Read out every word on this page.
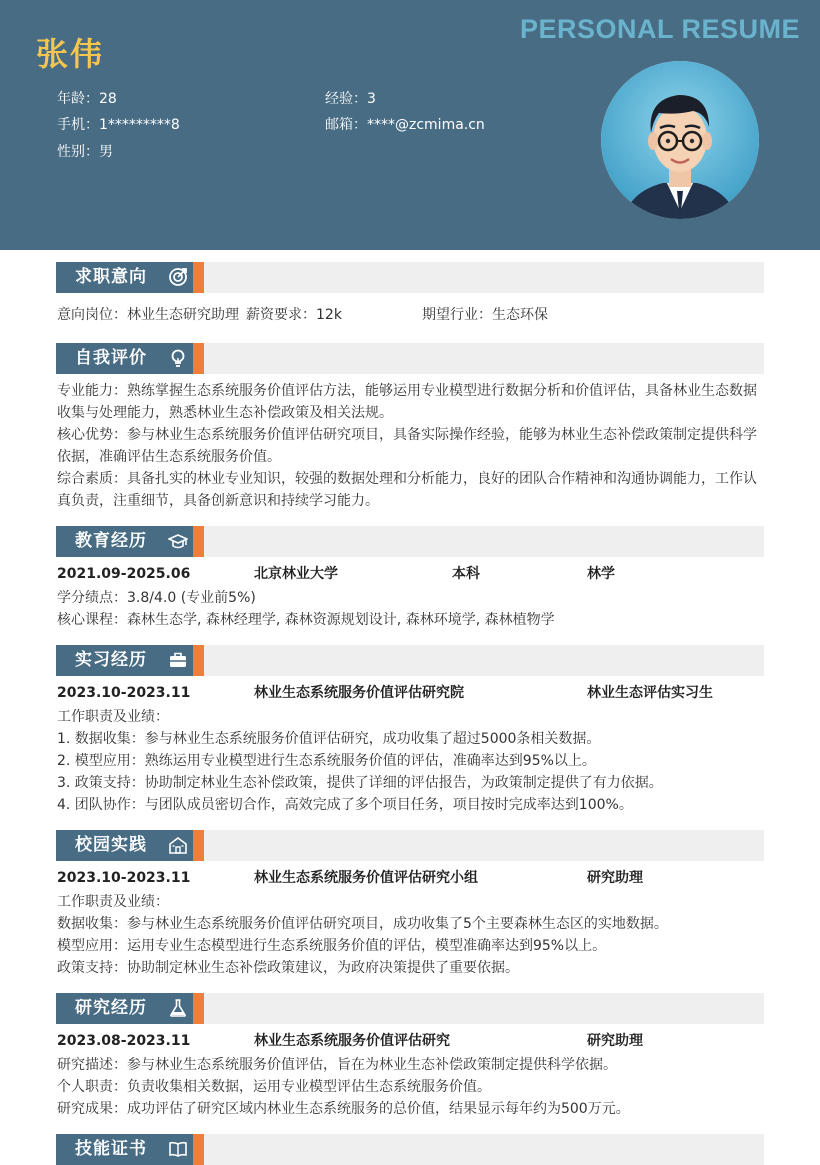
张伟
PERSONAL RESUME
年龄：28	经验：3
手机：1*********8	邮箱：****@zcmima.cn
性别：男
求职意向
意向岗位：林业生态研究助理 薪资要求：12k	期望行业：生态环保
自我评价
专业能力：熟练掌握生态系统服务价值评估方法，能够运用专业模型进行数据分析和价值评估，具备林业生态数据收集与处理能力，熟悉林业生态补偿政策及相关法规。
核心优势：参与林业生态系统服务价值评估研究项目，具备实际操作经验，能够为林业生态补偿政策制定提供科学依据，准确评估生态系统服务价值。
综合素质：具备扎实的林业专业知识，较强的数据处理和分析能力，良好的团队合作精神和沟通协调能力，工作认真负责，注重细节，具备创新意识和持续学习能力。
教育经历
2021.09-2025.06	北京林业大学	本科	林学
学分绩点：3.8/4.0 (专业前5%)
核心课程：森林生态学, 森林经理学, 森林资源规划设计, 森林环境学, 森林植物学
实习经历
2023.10-2023.11	林业生态系统服务价值评估研究院	林业生态评估实习生
工作职责及业绩：
1. 数据收集：参与林业生态系统服务价值评估研究，成功收集了超过5000条相关数据。
2. 模型应用：熟练运用专业模型进行生态系统服务价值的评估，准确率达到95%以上。
3. 政策支持：协助制定林业生态补偿政策，提供了详细的评估报告，为政策制定提供了有力依据。
4. 团队协作：与团队成员密切合作，高效完成了多个项目任务，项目按时完成率达到100%。
校园实践
2023.10-2023.11	林业生态系统服务价值评估研究小组	研究助理
工作职责及业绩：
数据收集：参与林业生态系统服务价值评估研究项目，成功收集了5个主要森林生态区的实地数据。
模型应用：运用专业生态模型进行生态系统服务价值的评估，模型准确率达到95%以上。
政策支持：协助制定林业生态补偿政策建议，为政府决策提供了重要依据。
研究经历
2023.08-2023.11	林业生态系统服务价值评估研究	研究助理
研究描述：参与林业生态系统服务价值评估，旨在为林业生态补偿政策制定提供科学依据。
个人职责：负责收集相关数据，运用专业模型评估生态系统服务价值。
研究成果：成功评估了研究区域内林业生态系统服务的总价值，结果显示每年约为500万元。
技能证书
